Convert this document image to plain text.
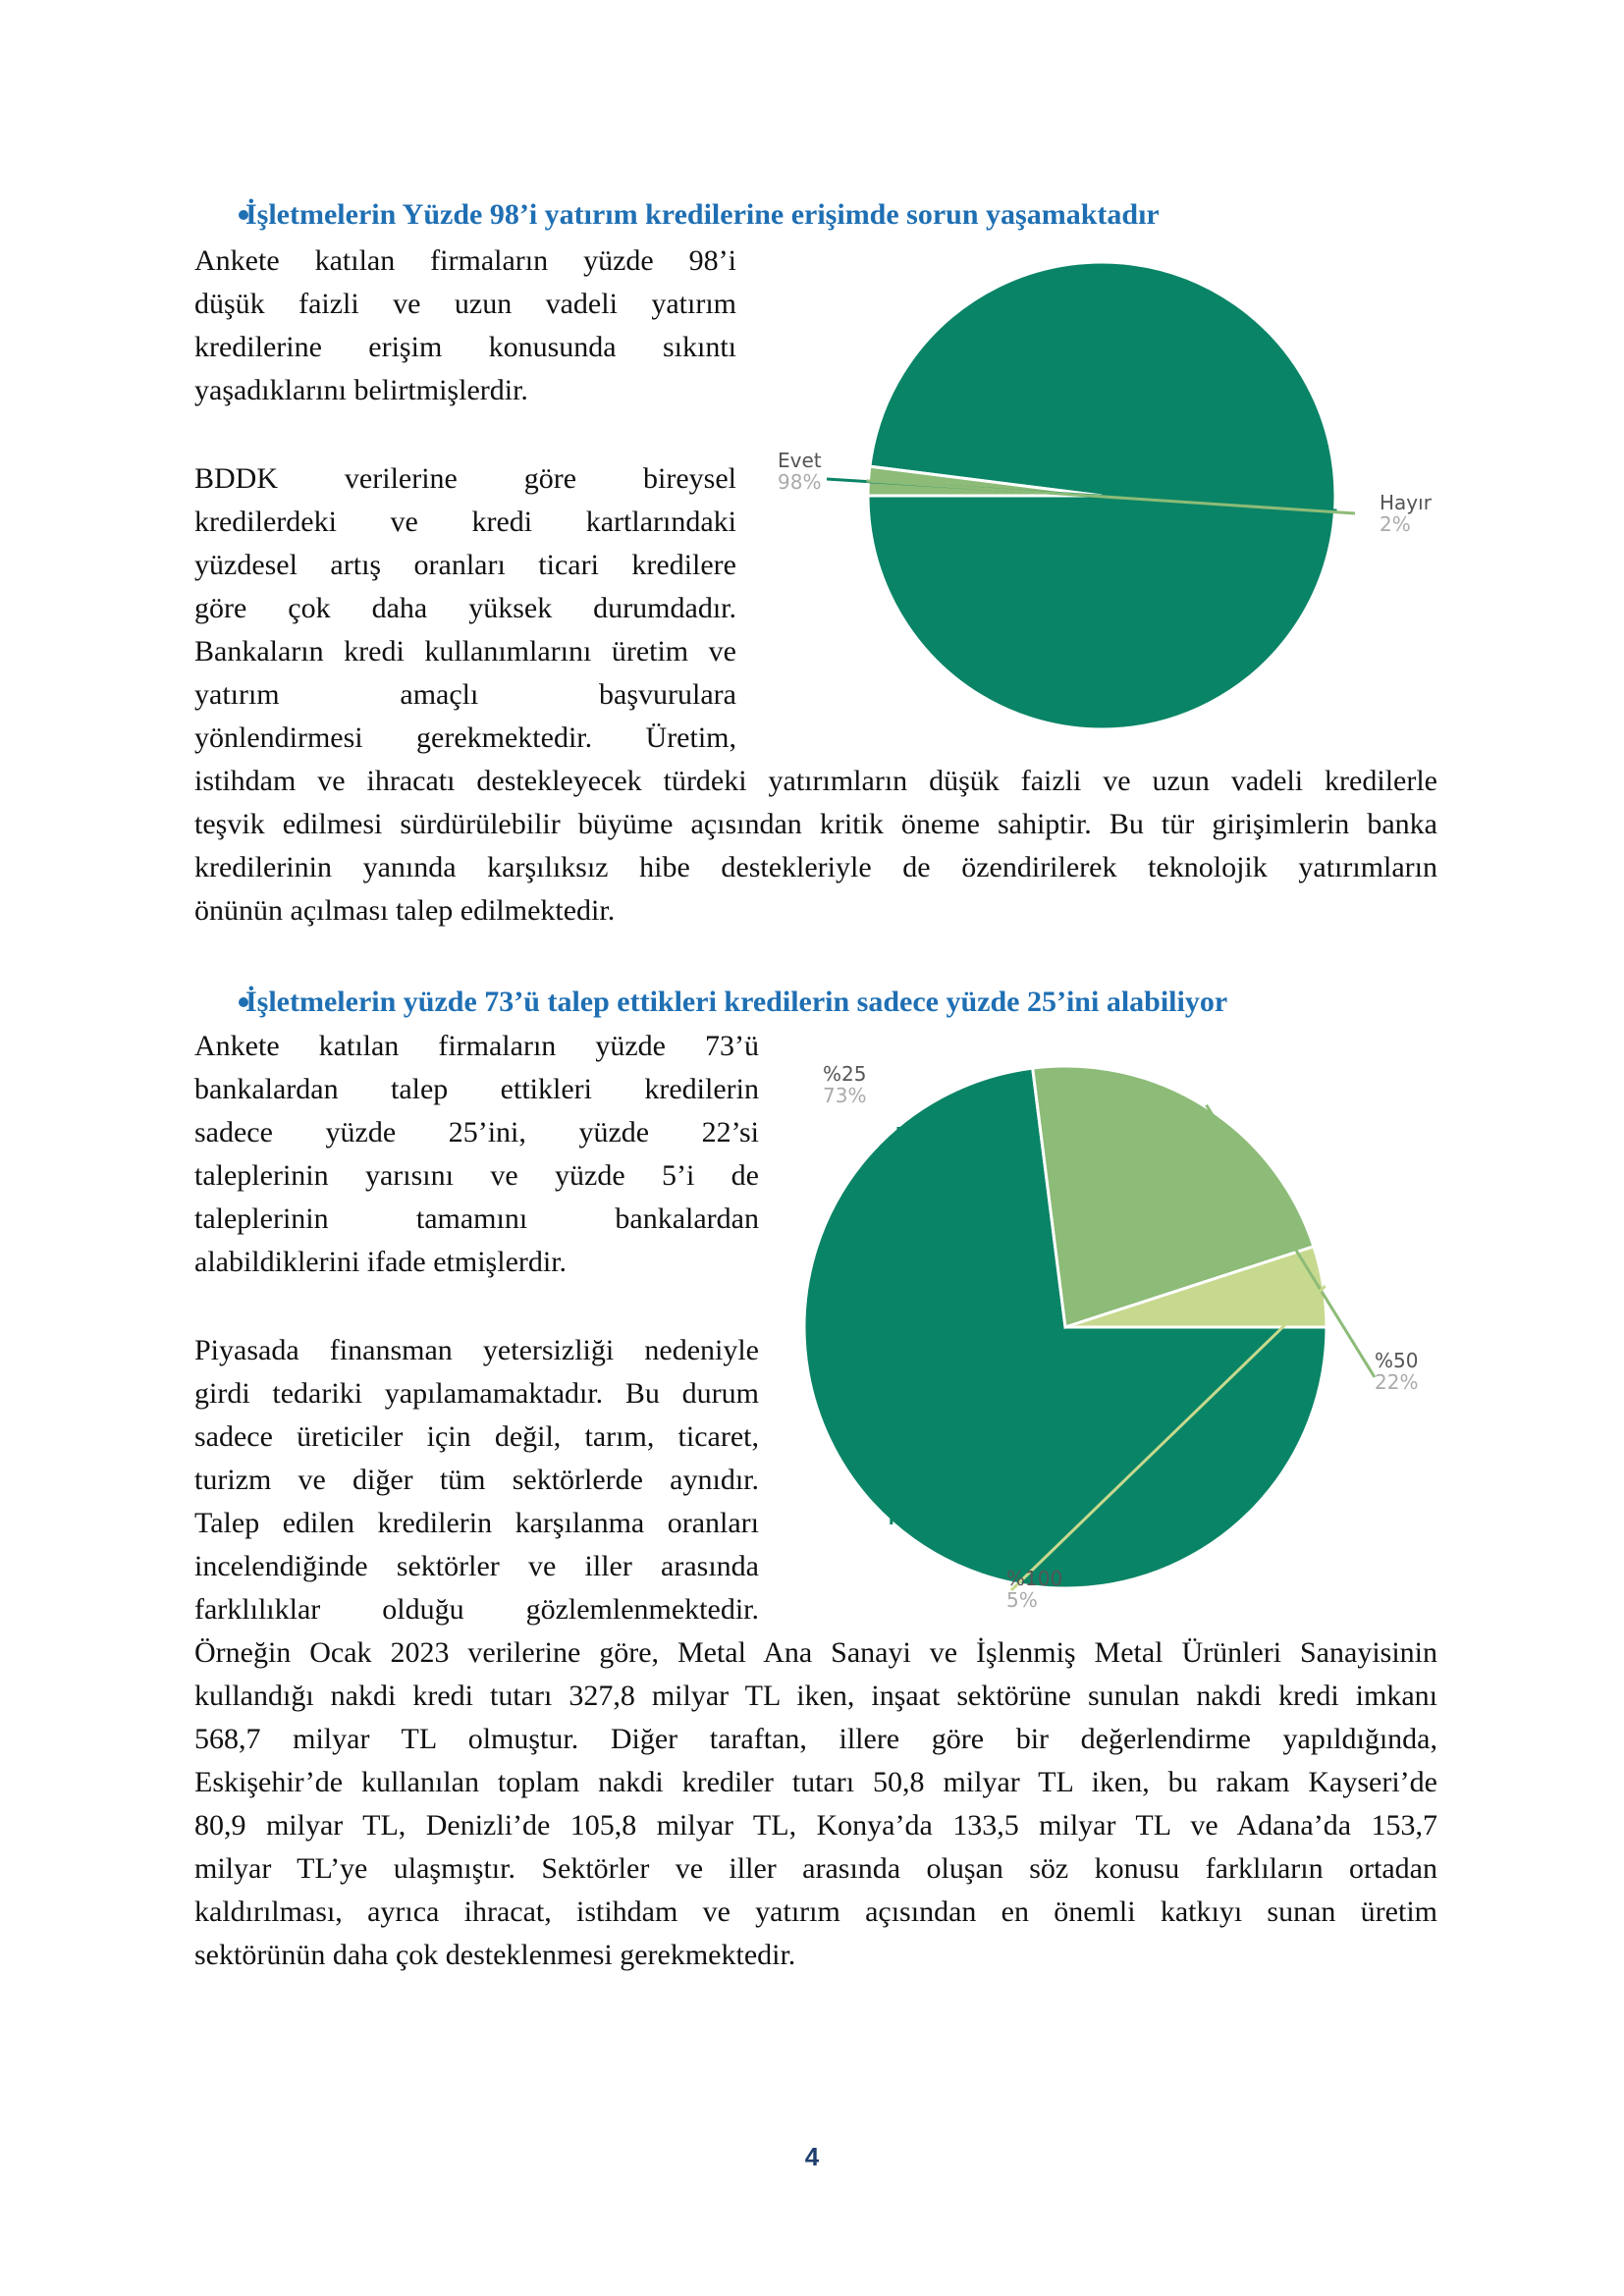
İşletmelerin Yüzde 98’i yatırım kredilerine erişimde sorun yaşamaktadır
Ankete katılan firmaların yüzde 98’i
düşük faizli ve uzun vadeli yatırım
kredilerine erişim konusunda sıkıntı
yaşadıklarını belirtmişlerdir.
BDDK verilerine göre bireysel
kredilerdeki ve kredi kartlarındaki
yüzdesel artış oranları ticari kredilere
göre çok daha yüksek durumdadır.
Bankaların kredi kullanımlarını üretim ve
yatırım amaçlı başvurulara
yönlendirmesi gerekmektedir. Üretim,
istihdam ve ihracatı destekleyecek türdeki yatırımların düşük faizli ve uzun vadeli kredilerle
teşvik edilmesi sürdürülebilir büyüme açısından kritik öneme sahiptir. Bu tür girişimlerin banka
kredilerinin yanında karşılıksız hibe destekleriyle de özendirilerek teknolojik yatırımların
önünün açılması talep edilmektedir.
Evet
98%
Hayır
2%
İşletmelerin yüzde 73’ü talep ettikleri kredilerin sadece yüzde 25’ini alabiliyor
Ankete katılan firmaların yüzde 73’ü
bankalardan talep ettikleri kredilerin
sadece yüzde 25’ini, yüzde 22’si
taleplerinin yarısını ve yüzde 5’i de
taleplerinin tamamını bankalardan
alabildiklerini ifade etmişlerdir.
Piyasada finansman yetersizliği nedeniyle
girdi tedariki yapılamamaktadır. Bu durum
sadece üreticiler için değil, tarım, ticaret,
turizm ve diğer tüm sektörlerde aynıdır.
Talep edilen kredilerin karşılanma oranları
incelendiğinde sektörler ve iller arasında
farklılıklar olduğu gözlemlenmektedir.
Örneğin Ocak 2023 verilerine göre, Metal Ana Sanayi ve İşlenmiş Metal Ürünleri Sanayisinin
kullandığı nakdi kredi tutarı 327,8 milyar TL iken, inşaat sektörüne sunulan nakdi kredi imkanı
568,7 milyar TL olmuştur. Diğer taraftan, illere göre bir değerlendirme yapıldığında,
Eskişehir’de kullanılan toplam nakdi krediler tutarı 50,8 milyar TL iken, bu rakam Kayseri’de
80,9 milyar TL, Denizli’de 105,8 milyar TL, Konya’da 133,5 milyar TL ve Adana’da 153,7
milyar TL’ye ulaşmıştır. Sektörler ve iller arasında oluşan söz konusu farklıların ortadan
kaldırılması, ayrıca ihracat, istihdam ve yatırım açısından en önemli katkıyı sunan üretim
sektörünün daha çok desteklenmesi gerekmektedir.
%25
73%
%50
22%
%100
5%
4
